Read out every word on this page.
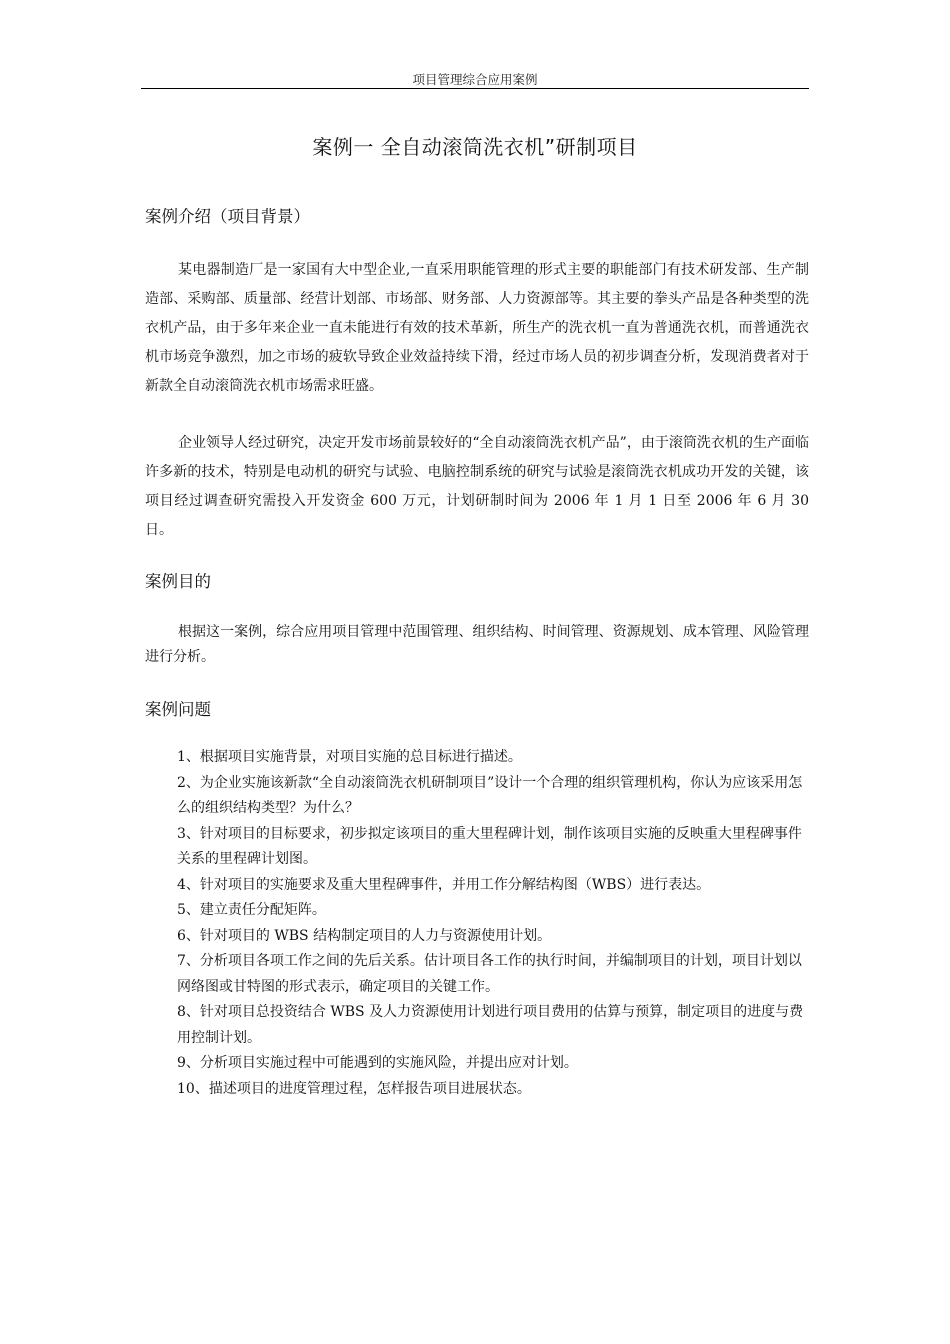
项目管理综合应用案例
案例一 全自动滚筒洗衣机”研制项目
案例介绍（项目背景）

某电器制造厂是一家国有大中型企业,一直采用职能管理的形式主要的职能部门有技术研发部、生产制造部、采购部、质量部、经营计划部、市场部、财务部、人力资源部等。其主要的拳头产品是各种类型的洗衣机产品，由于多年来企业一直未能进行有效的技术革新，所生产的洗衣机一直为普通洗衣机，而普通洗衣机市场竞争激烈，加之市场的疲软导致企业效益持续下滑，经过市场人员的初步调查分析，发现消费者对于新款全自动滚筒洗衣机市场需求旺盛。

企业领导人经过研究，决定开发市场前景较好的“全自动滚筒洗衣机产品”，由于滚筒洗衣机的生产面临许多新的技术，特别是电动机的研究与试验、电脑控制系统的研究与试验是滚筒洗衣机成功开发的关键，该项目经过调查研究需投入开发资金 600 万元，计划研制时间为 2006 年 1 月 1 日至 2006 年 6 月 30 日。

案例目的

根据这一案例，综合应用项目管理中范围管理、组织结构、时间管理、资源规划、成本管理、风险管理进行分析。

案例问题
1、根据项目实施背景，对项目实施的总目标进行描述。
2、为企业实施该新款“全自动滚筒洗衣机研制项目”设计一个合理的组织管理机构，你认为应该采用怎么的组织结构类型？为什么？
3、针对项目的目标要求，初步拟定该项目的重大里程碑计划，制作该项目实施的反映重大里程碑事件关系的里程碑计划图。
4、针对项目的实施要求及重大里程碑事件，并用工作分解结构图（WBS）进行表达。
5、建立责任分配矩阵。
6、针对项目的 WBS 结构制定项目的人力与资源使用计划。
7、分析项目各项工作之间的先后关系。估计项目各工作的执行时间，并编制项目的计划，项目计划以网络图或甘特图的形式表示，确定项目的关键工作。
8、针对项目总投资结合 WBS 及人力资源使用计划进行项目费用的估算与预算，制定项目的进度与费用控制计划。
9、分析项目实施过程中可能遇到的实施风险，并提出应对计划。
10、描述项目的进度管理过程，怎样报告项目进展状态。
